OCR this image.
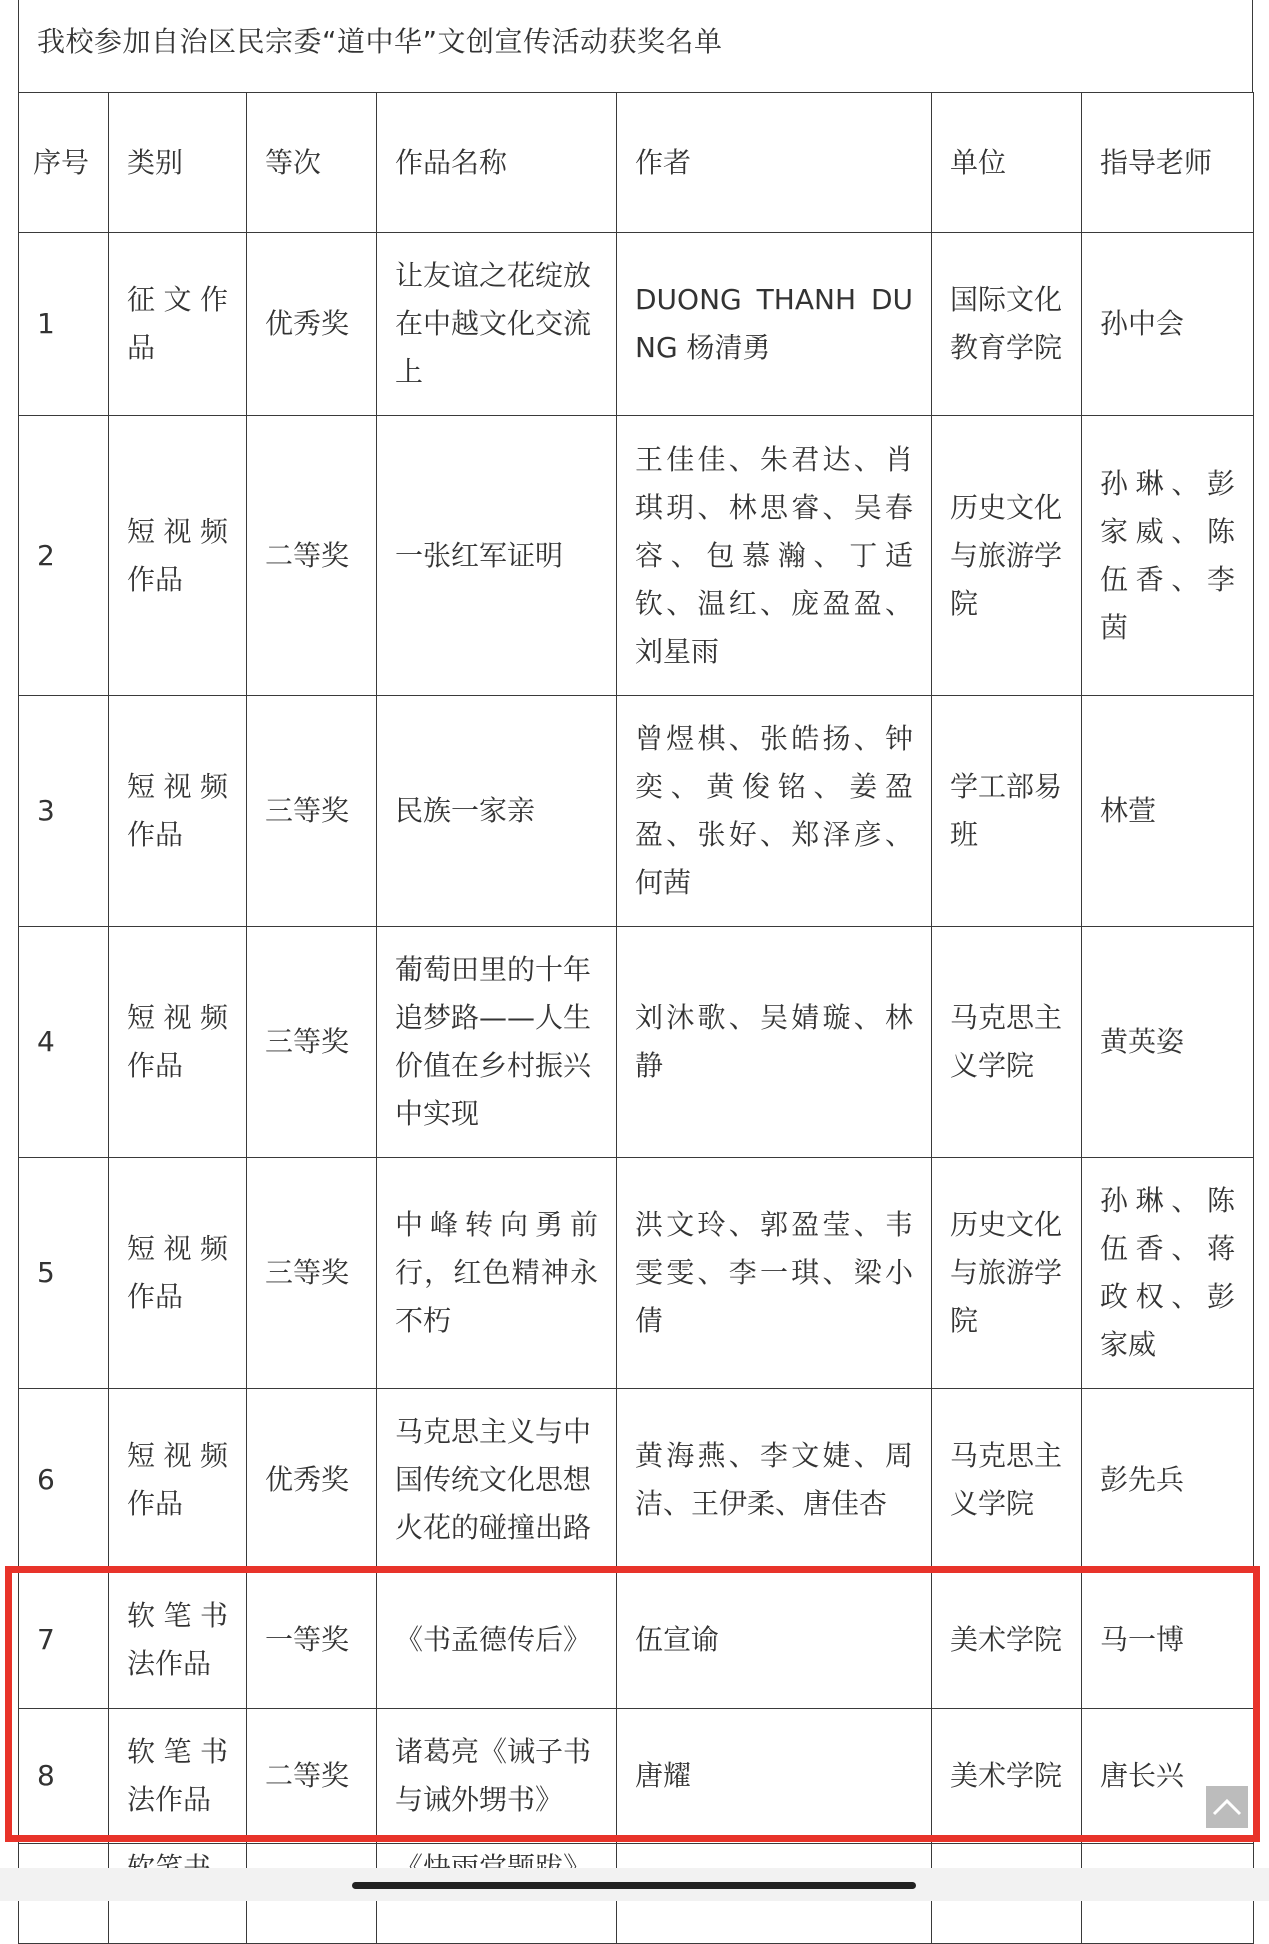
我校参加自治区民宗委“道中华”文创宣传活动获奖名单
序号	类别	等次	作品名称	作者	单位	指导老师
1	征文作品	优秀奖	让友谊之花绽放在中越文化交流上	DUONG THANH DUNG 杨清勇	国际文化教育学院	孙中会
2	短视频作品	二等奖	一张红军证明	王佳佳、朱君达、肖琪玥、林思睿、吴春容、包慕瀚、丁适钦、温红、庞盈盈、刘星雨	历史文化与旅游学院	孙琳、彭家威、陈伍香、李茵
3	短视频作品	三等奖	民族一家亲	曾煜棋、张皓扬、钟奕、黄俊铭、姜盈盈、张好、郑泽彦、何茜	学工部易班	林萱
4	短视频作品	三等奖	葡萄田里的十年追梦路——人生价值在乡村振兴中实现	刘沐歌、吴婧璇、林静	马克思主义学院	黄英姿
5	短视频作品	三等奖	中峰转向勇前行，红色精神永不朽	洪文玲、郭盈莹、韦雯雯、李一琪、梁小倩	历史文化与旅游学院	孙琳、陈伍香、蒋政权、彭家威
6	短视频作品	优秀奖	马克思主义与中国传统文化思想火花的碰撞出路	黄海燕、李文婕、周洁、王伊柔、唐佳杏	马克思主义学院	彭先兵
7	软笔书法作品	一等奖	《书孟德传后》	伍宣谕	美术学院	马一博
8	软笔书法作品	二等奖	诸葛亮《诫子书与诫外甥书》	唐耀	美术学院	唐长兴
